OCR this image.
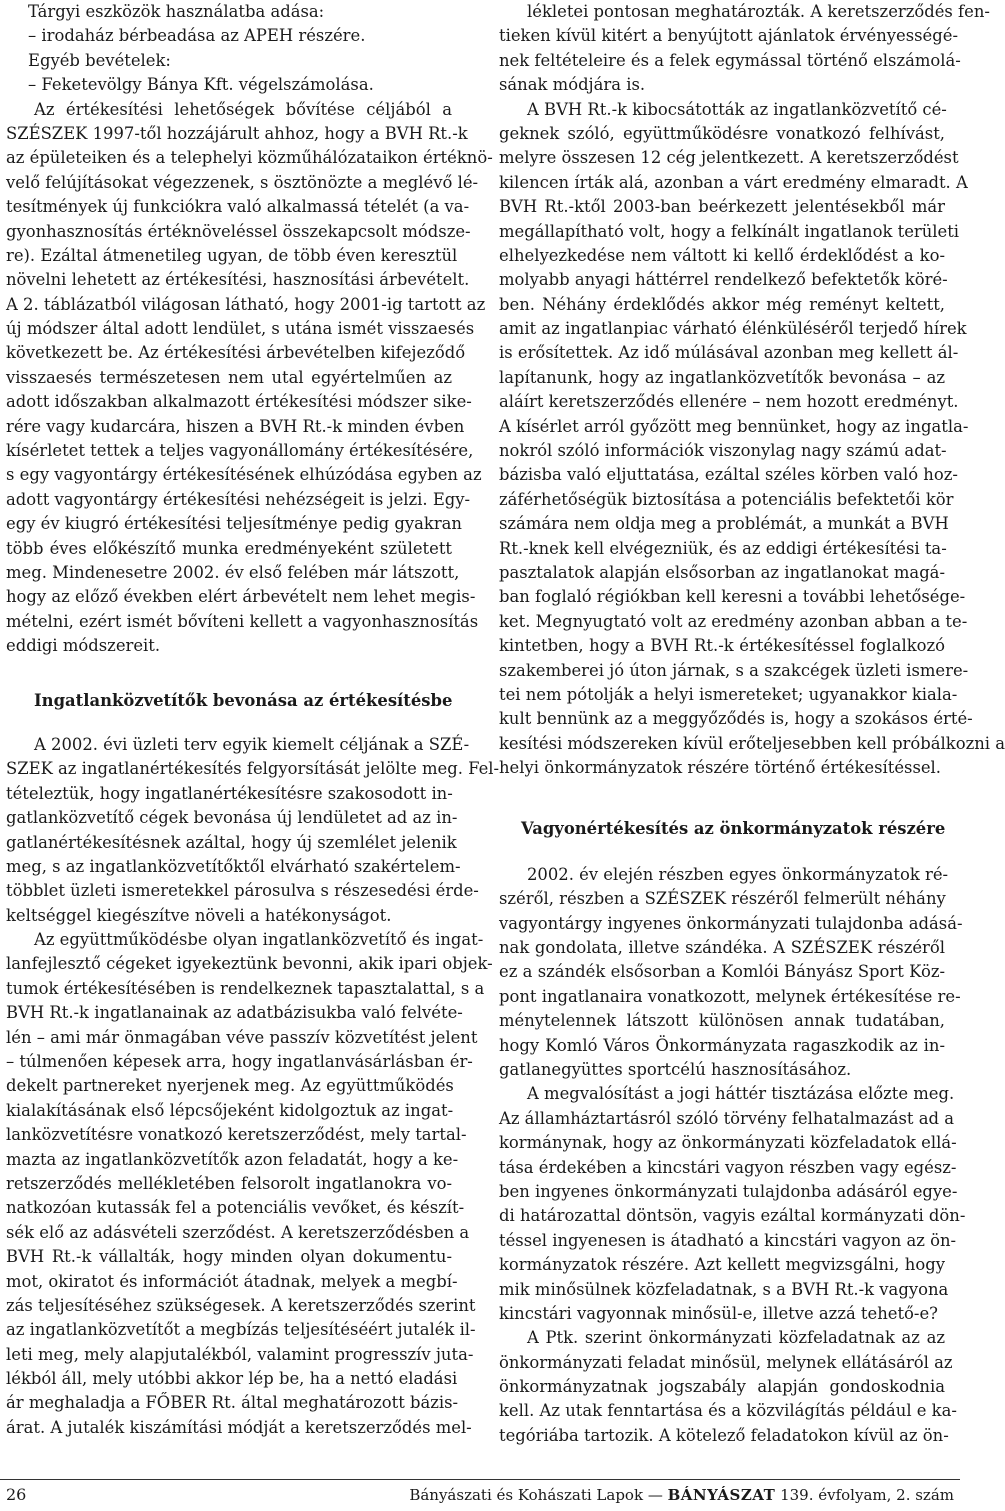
Tárgyi eszközök használatba adása:
– irodaház bérbeadása az APEH részére.
Egyéb bevételek:
– Feketevölgy Bánya Kft. végelszámolása.
Az értékesítési lehetőségek bővítése céljából a
SZÉSZEK 1997-től hozzájárult ahhoz, hogy a BVH Rt.-k
az épületeiken és a telephelyi közműhálózataikon értéknö-
velő felújításokat végezzenek, s ösztönözte a meglévő lé-
tesítmények új funkciókra való alkalmassá tételét (a va-
gyonhasznosítás értéknöveléssel összekapcsolt módsze-
re). Ezáltal átmenetileg ugyan, de több éven keresztül
növelni lehetett az értékesítési, hasznosítási árbevételt.
A 2. táblázatból világosan látható, hogy 2001-ig tartott az
új módszer által adott lendület, s utána ismét visszaesés
következett be. Az értékesítési árbevételben kifejeződő
visszaesés természetesen nem utal egyértelműen az
adott időszakban alkalmazott értékesítési módszer sike-
rére vagy kudarcára, hiszen a BVH Rt.-k minden évben
kísérletet tettek a teljes vagyonállomány értékesítésére,
s egy vagyontárgy értékesítésének elhúzódása egyben az
adott vagyontárgy értékesítési nehézségeit is jelzi. Egy-
egy év kiugró értékesítési teljesítménye pedig gyakran
több éves előkészítő munka eredményeként született
meg. Mindenesetre 2002. év első felében már látszott,
hogy az előző években elért árbevételt nem lehet megis-
mételni, ezért ismét bővíteni kellett a vagyonhasznosítás
eddigi módszereit.
Ingatlanközvetítők bevonása az értékesítésbe
A 2002. évi üzleti terv egyik kiemelt céljának a SZÉ-
SZEK az ingatlanértékesítés felgyorsítását jelölte meg. Fel-
tételeztük, hogy ingatlanértékesítésre szakosodott in-
gatlanközvetítő cégek bevonása új lendületet ad az in-
gatlanértékesítésnek azáltal, hogy új szemlélet jelenik
meg, s az ingatlanközvetítőktől elvárható szakértelem-
többlet üzleti ismeretekkel párosulva s részesedési érde-
keltséggel kiegészítve növeli a hatékonyságot.
Az együttműködésbe olyan ingatlanközvetítő és ingat-
lanfejlesztő cégeket igyekeztünk bevonni, akik ipari objek-
tumok értékesítésében is rendelkeznek tapasztalattal, s a
BVH Rt.-k ingatlanainak az adatbázisukba való felvéte-
lén – ami már önmagában véve passzív közvetítést jelent
– túlmenően képesek arra, hogy ingatlanvásárlásban ér-
dekelt partnereket nyerjenek meg. Az együttműködés
kialakításának első lépcsőjeként kidolgoztuk az ingat-
lanközvetítésre vonatkozó keretszerződést, mely tartal-
mazta az ingatlanközvetítők azon feladatát, hogy a ke-
retszerződés mellékletében felsorolt ingatlanokra vo-
natkozóan kutassák fel a potenciális vevőket, és készít-
sék elő az adásvételi szerződést. A keretszerződésben a
BVH Rt.-k vállalták, hogy minden olyan dokumentu-
mot, okiratot és információt átadnak, melyek a megbí-
zás teljesítéséhez szükségesek. A keretszerződés szerint
az ingatlanközvetítőt a megbízás teljesítéséért jutalék il-
leti meg, mely alapjutalékból, valamint progresszív juta-
lékból áll, mely utóbbi akkor lép be, ha a nettó eladási
ár meghaladja a FŐBER Rt. által meghatározott bázis-
árat. A jutalék kiszámítási módját a keretszerződés mel-
lékletei pontosan meghatározták. A keretszerződés fen-
tieken kívül kitért a benyújtott ajánlatok érvényességé-
nek feltételeire és a felek egymással történő elszámolá-
sának módjára is.
A BVH Rt.-k kibocsátották az ingatlanközvetítő cé-
geknek szóló, együttműködésre vonatkozó felhívást,
melyre összesen 12 cég jelentkezett. A keretszerződést
kilencen írták alá, azonban a várt eredmény elmaradt. A
BVH Rt.-ktől 2003-ban beérkezett jelentésekből már
megállapítható volt, hogy a felkínált ingatlanok területi
elhelyezkedése nem váltott ki kellő érdeklődést a ko-
molyabb anyagi háttérrel rendelkező befektetők köré-
ben. Néhány érdeklődés akkor még reményt keltett,
amit az ingatlanpiac várható élénküléséről terjedő hírek
is erősítettek. Az idő múlásával azonban meg kellett ál-
lapítanunk, hogy az ingatlanközvetítők bevonása – az
aláírt keretszerződés ellenére – nem hozott eredményt.
A kísérlet arról győzött meg bennünket, hogy az ingatla-
nokról szóló információk viszonylag nagy számú adat-
bázisba való eljuttatása, ezáltal széles körben való hoz-
záférhetőségük biztosítása a potenciális befektetői kör
számára nem oldja meg a problémát, a munkát a BVH
Rt.-knek kell elvégezniük, és az eddigi értékesítési ta-
pasztalatok alapján elsősorban az ingatlanokat magá-
ban foglaló régiókban kell keresni a további lehetősége-
ket. Megnyugtató volt az eredmény azonban abban a te-
kintetben, hogy a BVH Rt.-k értékesítéssel foglalkozó
szakemberei jó úton járnak, s a szakcégek üzleti ismere-
tei nem pótolják a helyi ismereteket; ugyanakkor kiala-
kult bennünk az a meggyőződés is, hogy a szokásos érté-
kesítési módszereken kívül erőteljesebben kell próbálkozni a
helyi önkormányzatok részére történő értékesítéssel.
Vagyonértékesítés az önkormányzatok részére
2002. év elején részben egyes önkormányzatok ré-
széről, részben a SZÉSZEK részéről felmerült néhány
vagyontárgy ingyenes önkormányzati tulajdonba adásá-
nak gondolata, illetve szándéka. A SZÉSZEK részéről
ez a szándék elsősorban a Komlói Bányász Sport Köz-
pont ingatlanaira vonatkozott, melynek értékesítése re-
ménytelennek látszott különösen annak tudatában,
hogy Komló Város Önkormányzata ragaszkodik az in-
gatlanegyüttes sportcélú hasznosításához.
A megvalósítást a jogi háttér tisztázása előzte meg.
Az államháztartásról szóló törvény felhatalmazást ad a
kormánynak, hogy az önkormányzati közfeladatok ellá-
tása érdekében a kincstári vagyon részben vagy egész-
ben ingyenes önkormányzati tulajdonba adásáról egye-
di határozattal döntsön, vagyis ezáltal kormányzati dön-
téssel ingyenesen is átadható a kincstári vagyon az ön-
kormányzatok részére. Azt kellett megvizsgálni, hogy
mik minősülnek közfeladatnak, s a BVH Rt.-k vagyona
kincstári vagyonnak minősül-e, illetve azzá tehető-e?
A Ptk. szerint önkormányzati közfeladatnak az az
önkormányzati feladat minősül, melynek ellátásáról az
önkormányzatnak jogszabály alapján gondoskodnia
kell. Az utak fenntartása és a közvilágítás például e ka-
tegóriába tartozik. A kötelező feladatokon kívül az ön-
26	Bányászati és Kohászati Lapok — BÁNYÁSZAT 139. évfolyam, 2. szám
